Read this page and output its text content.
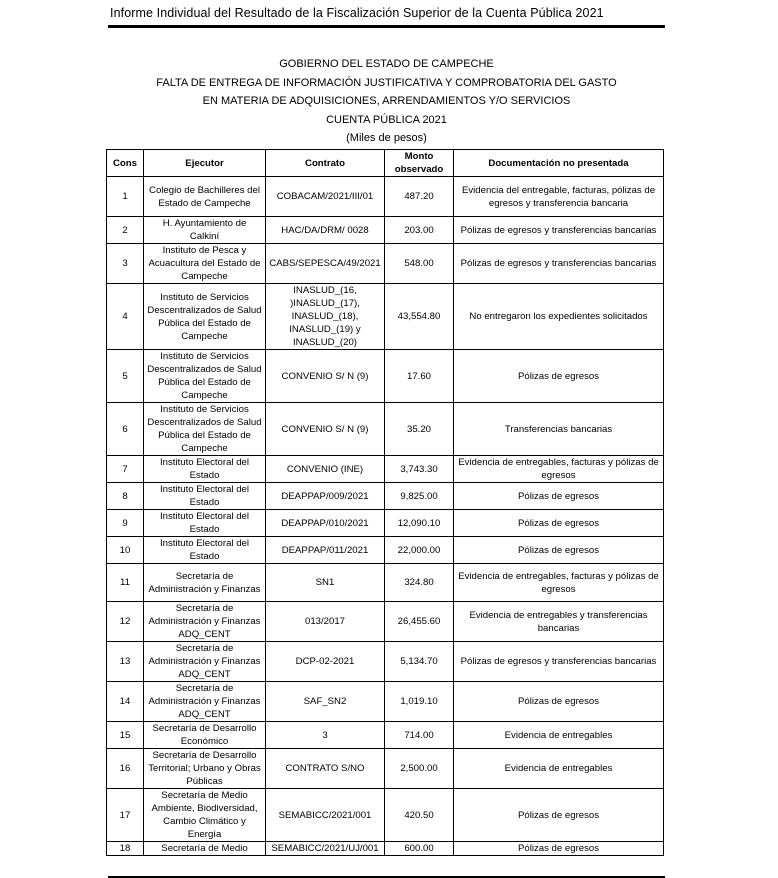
Informe Individual del Resultado de la Fiscalización Superior de la Cuenta Pública 2021
GOBIERNO DEL ESTADO DE CAMPECHE
FALTA DE ENTREGA DE INFORMACIÓN JUSTIFICATIVA Y COMPROBATORIA DEL GASTO
EN MATERIA DE ADQUISICIONES, ARRENDAMIENTOS Y/O SERVICIOS
CUENTA PÚBLICA 2021
(Miles de pesos)
Cons	Ejecutor	Contrato	Monto observado	Documentación no presentada
1	Colegio de Bachilleres del Estado de Campeche	COBACAM/2021/III/01	487.20	Evidencia del entregable, facturas, pólizas de egresos y transferencia bancaria
2	H. Ayuntamiento de Calkiní	HAC/DA/DRM/ 0028	203.00	Pólizas de egresos y transferencias bancarias
3	Instituto de Pesca y Acuacultura del Estado de Campeche	CABS/SEPESCA/49/2021	548.00	Pólizas de egresos y transferencias bancarias
4	Instituto de Servicios Descentralizados de Salud Pública del Estado de Campeche	INASLUD_(16, )INASLUD_(17), INASLUD_(18), INASLUD_(19) y INASLUD_(20)	43,554.80	No entregaron los expedientes solicitados
5	Instituto de Servicios Descentralizados de Salud Pública del Estado de Campeche	CONVENIO S/ N (9)	17.60	Pólizas de egresos
6	Instituto de Servicios Descentralizados de Salud Pública del Estado de Campeche	CONVENIO S/ N (9)	35.20	Transferencias bancarias
7	Instituto Electoral del Estado	CONVENIO (INE)	3,743.30	Evidencia de entregables, facturas y pólizas de egresos
8	Instituto Electoral del Estado	DEAPPAP/009/2021	9,825.00	Pólizas de egresos
9	Instituto Electoral del Estado	DEAPPAP/010/2021	12,090.10	Pólizas de egresos
10	Instituto Electoral del Estado	DEAPPAP/011/2021	22,000.00	Pólizas de egresos
11	Secretaría de Administración y Finanzas	SN1	324.80	Evidencia de entregables, facturas y pólizas de egresos
12	Secretaría de Administración y Finanzas ADQ_CENT	013/2017	26,455.60	Evidencia de entregables y transferencias bancarias
13	Secretaría de Administración y Finanzas ADQ_CENT	DCP-02-2021	5,134.70	Pólizas de egresos y transferencias bancarias
14	Secretaría de Administración y Finanzas ADQ_CENT	SAF_SN2	1,019.10	Pólizas de egresos
15	Secretaría de Desarrollo Económico	3	714.00	Evidencia de entregables
16	Secretaría de Desarrollo Territorial; Urbano y Obras Públicas	CONTRATO S/NO	2,500.00	Evidencia de entregables
17	Secretaría de Medio Ambiente, Biodiversidad, Cambio Climático y Energía	SEMABICC/2021/001	420.50	Pólizas de egresos
18	Secretaría de Medio	SEMABICC/2021/UJ/001	600.00	Pólizas de egresos
